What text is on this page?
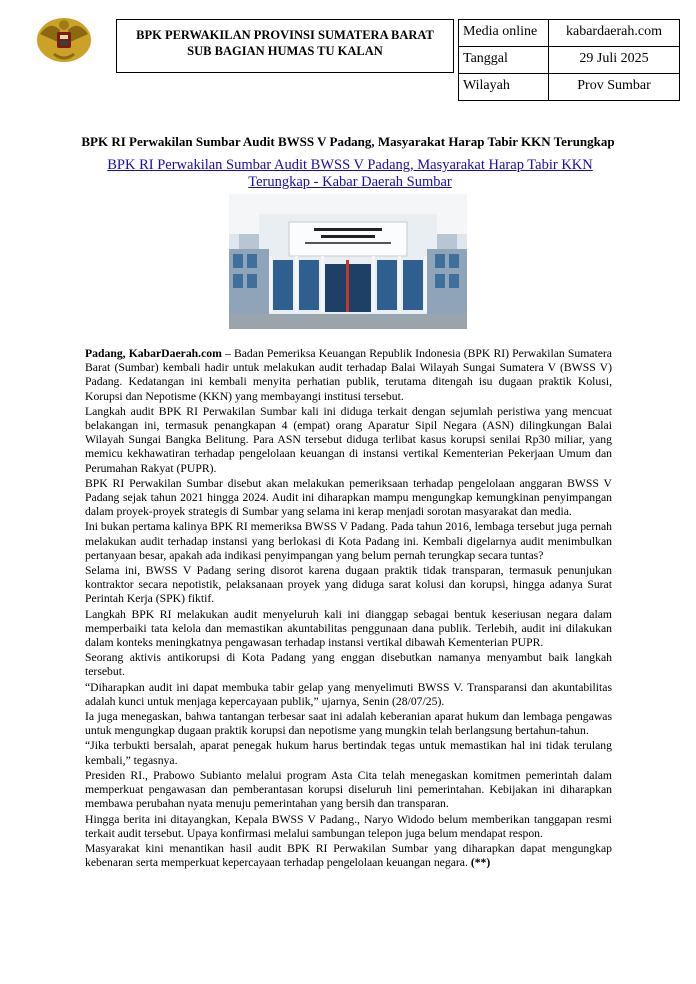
BPK PERWAKILAN PROVINSI SUMATERA BARAT
SUB BAGIAN HUMAS TU KALAN
Media online	kabardaerah.com
Tanggal	29 Juli 2025
Wilayah	Prov Sumbar
BPK RI Perwakilan Sumbar Audit BWSS V Padang, Masyarakat Harap Tabir KKN Terungkap
BPK RI Perwakilan Sumbar Audit BWSS V Padang, Masyarakat Harap Tabir KKN Terungkap - Kabar Daerah Sumbar

Padang, KabarDaerah.com – Badan Pemeriksa Keuangan Republik Indonesia (BPK RI) Perwakilan Sumatera Barat (Sumbar) kembali hadir untuk melakukan audit terhadap Balai Wilayah Sungai Sumatera V (BWSS V) Padang. Kedatangan ini kembali menyita perhatian publik, terutama ditengah isu dugaan praktik Kolusi, Korupsi dan Nepotisme (KKN) yang membayangi institusi tersebut.

Langkah audit BPK RI Perwakilan Sumbar kali ini diduga terkait dengan sejumlah peristiwa yang mencuat belakangan ini, termasuk penangkapan 4 (empat) orang Aparatur Sipil Negara (ASN) dilingkungan Balai Wilayah Sungai Bangka Belitung. Para ASN tersebut diduga terlibat kasus korupsi senilai Rp30 miliar, yang memicu kekhawatiran terhadap pengelolaan keuangan di instansi vertikal Kementerian Pekerjaan Umum dan Perumahan Rakyat (PUPR).

BPK RI Perwakilan Sumbar disebut akan melakukan pemeriksaan terhadap pengelolaan anggaran BWSS V Padang sejak tahun 2021 hingga 2024. Audit ini diharapkan mampu mengungkap kemungkinan penyimpangan dalam proyek-proyek strategis di Sumbar yang selama ini kerap menjadi sorotan masyarakat dan media.

Ini bukan pertama kalinya BPK RI memeriksa BWSS V Padang. Pada tahun 2016, lembaga tersebut juga pernah melakukan audit terhadap instansi yang berlokasi di Kota Padang ini. Kembali digelarnya audit menimbulkan pertanyaan besar, apakah ada indikasi penyimpangan yang belum pernah terungkap secara tuntas?

Selama ini, BWSS V Padang sering disorot karena dugaan praktik tidak transparan, termasuk penunjukan kontraktor secara nepotistik, pelaksanaan proyek yang diduga sarat kolusi dan korupsi, hingga adanya Surat Perintah Kerja (SPK) fiktif.

Langkah BPK RI melakukan audit menyeluruh kali ini dianggap sebagai bentuk keseriusan negara dalam memperbaiki tata kelola dan memastikan akuntabilitas penggunaan dana publik. Terlebih, audit ini dilakukan dalam konteks meningkatnya pengawasan terhadap instansi vertikal dibawah Kementerian PUPR.

Seorang aktivis antikorupsi di Kota Padang yang enggan disebutkan namanya menyambut baik langkah tersebut.

“Diharapkan audit ini dapat membuka tabir gelap yang menyelimuti BWSS V. Transparansi dan akuntabilitas adalah kunci untuk menjaga kepercayaan publik,” ujarnya, Senin (28/07/25).

Ia juga menegaskan, bahwa tantangan terbesar saat ini adalah keberanian aparat hukum dan lembaga pengawas untuk mengungkap dugaan praktik korupsi dan nepotisme yang mungkin telah berlangsung bertahun-tahun.

“Jika terbukti bersalah, aparat penegak hukum harus bertindak tegas untuk memastikan hal ini tidak terulang kembali,” tegasnya.

Presiden RI., Prabowo Subianto melalui program Asta Cita telah menegaskan komitmen pemerintah dalam memperkuat pengawasan dan pemberantasan korupsi diseluruh lini pemerintahan. Kebijakan ini diharapkan membawa perubahan nyata menuju pemerintahan yang bersih dan transparan.

Hingga berita ini ditayangkan, Kepala BWSS V Padang., Naryo Widodo belum memberikan tanggapan resmi terkait audit tersebut. Upaya konfirmasi melalui sambungan telepon juga belum mendapat respon.

Masyarakat kini menantikan hasil audit BPK RI Perwakilan Sumbar yang diharapkan dapat mengungkap kebenaran serta memperkuat kepercayaan terhadap pengelolaan keuangan negara. (**)
